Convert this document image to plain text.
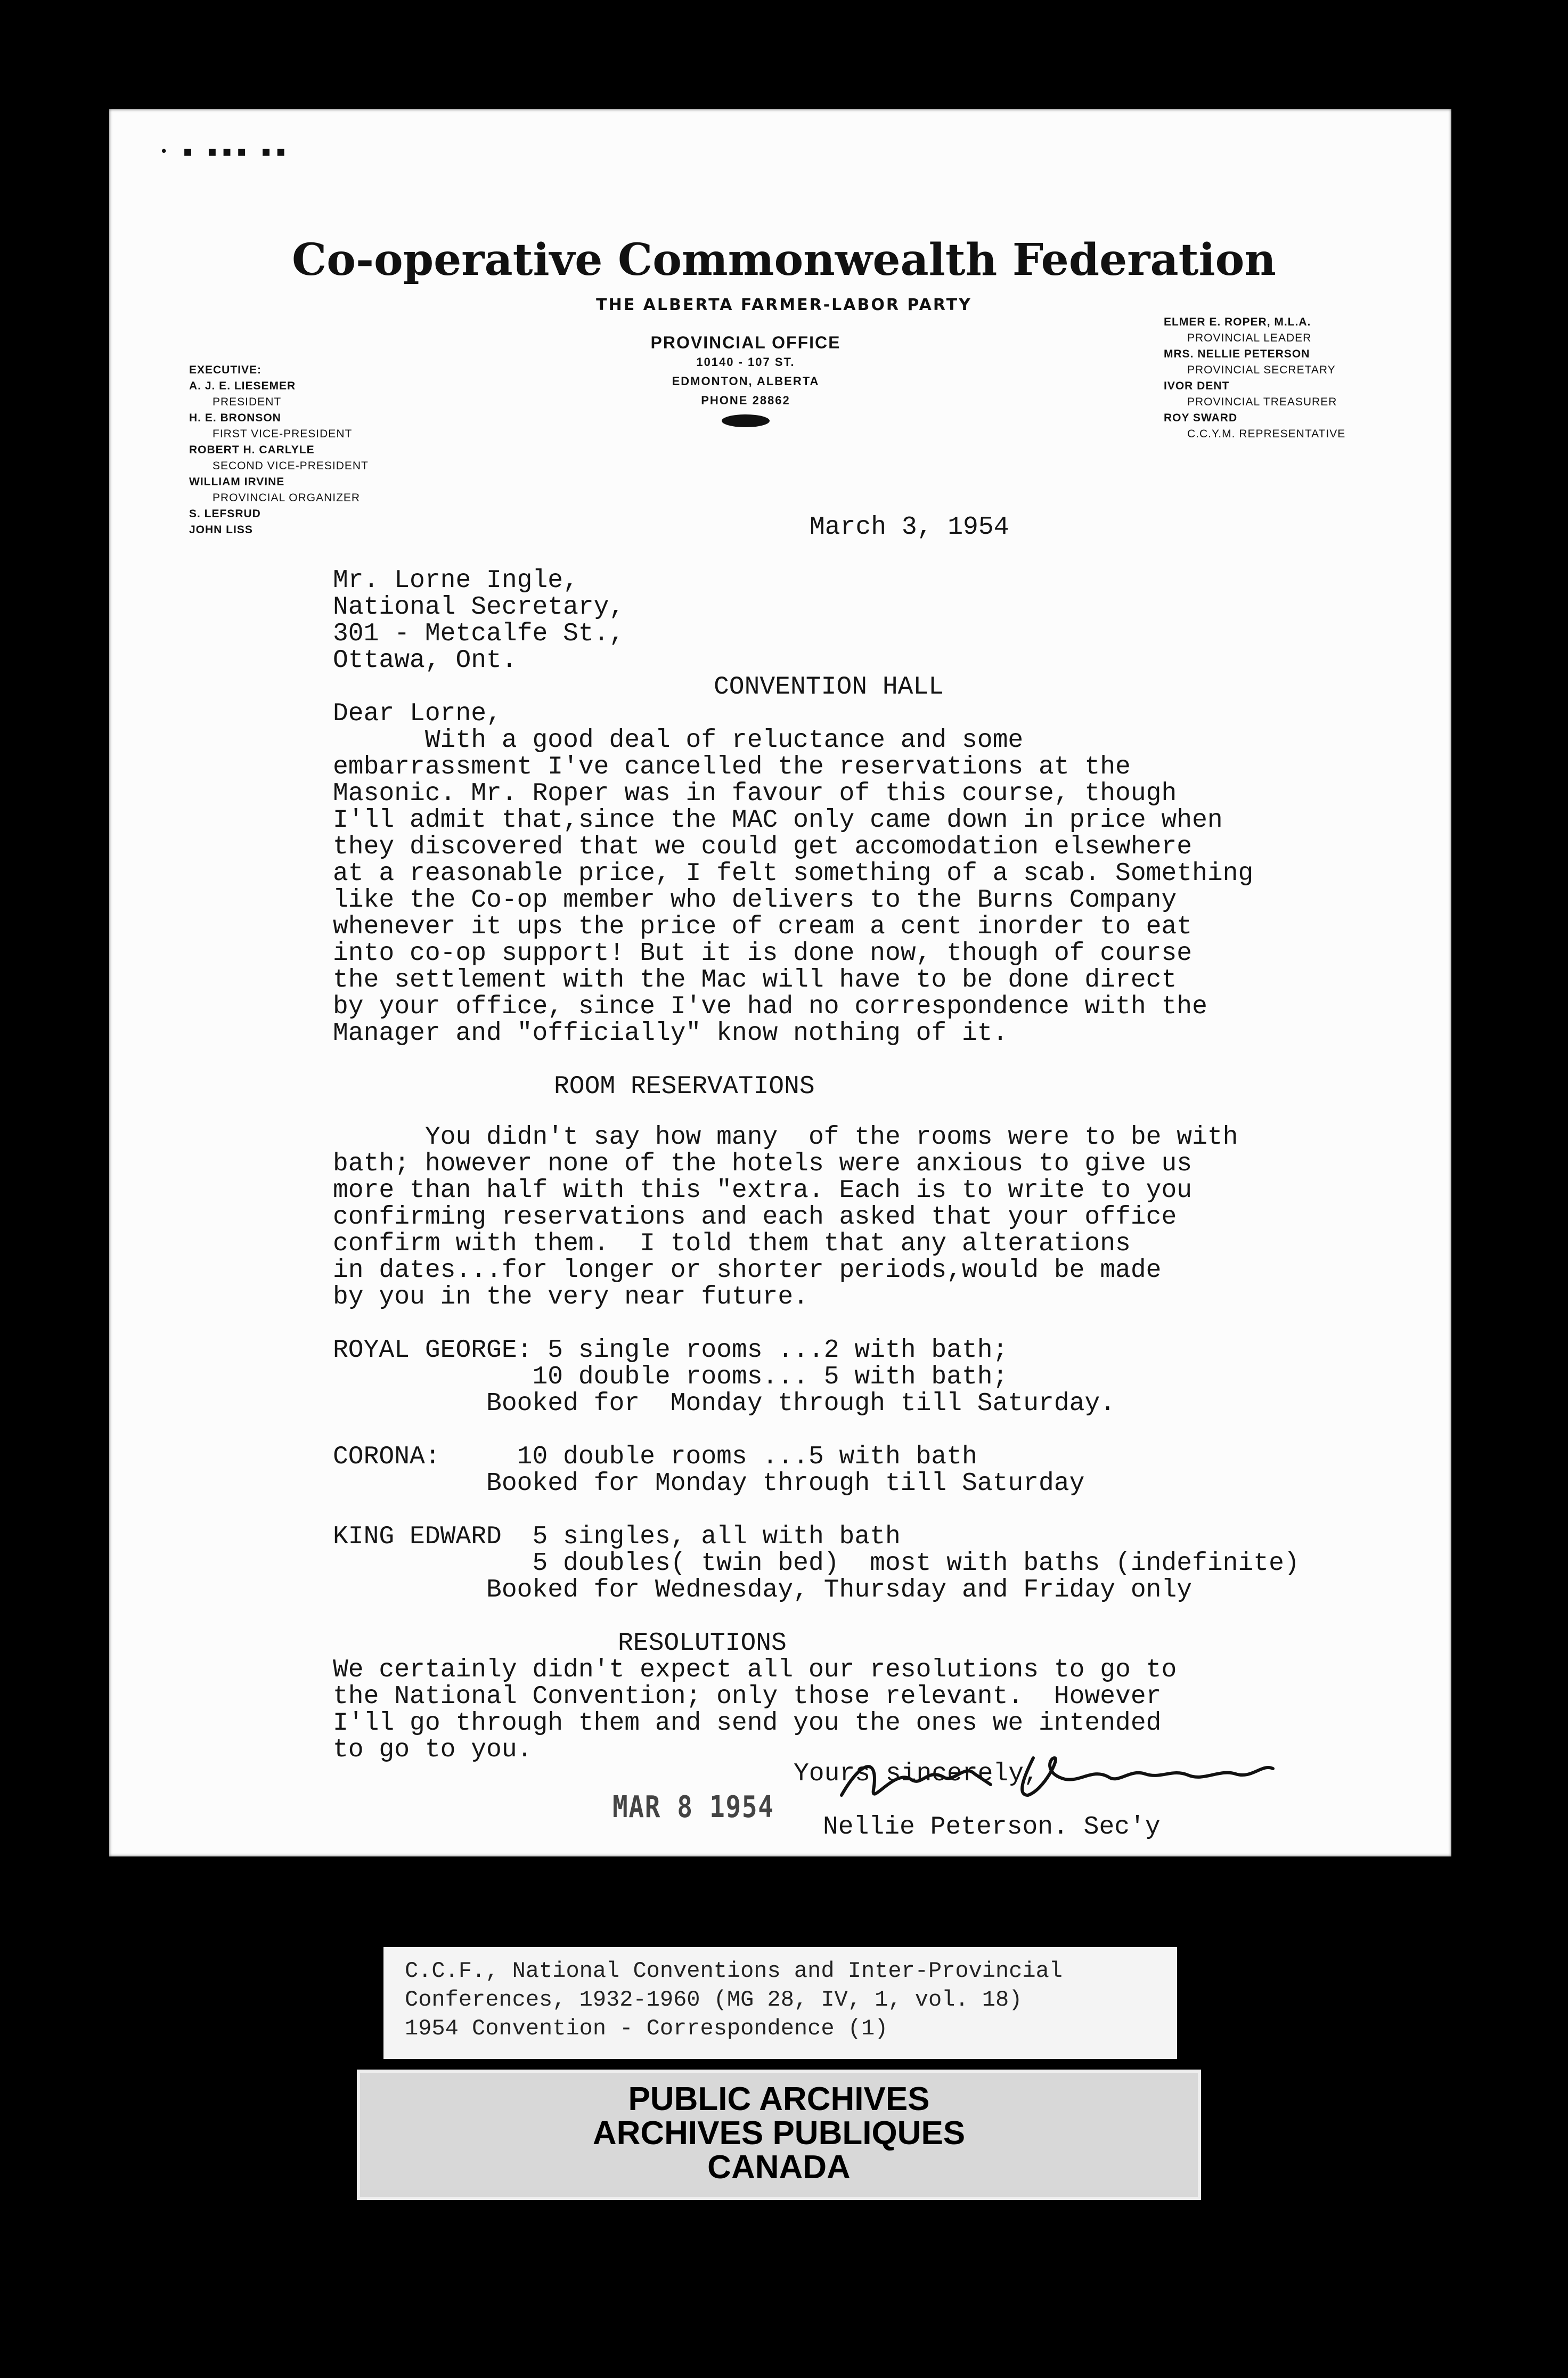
• ▪ ▪▪▪ ▪▪
Co-operative Commonwealth Federation
THE ALBERTA FARMER-LABOR PARTY
PROVINCIAL OFFICE
10140 - 107 ST.
EDMONTON, ALBERTA
PHONE 28862
EXECUTIVE:
A. J. E. LIESEMER
PRESIDENT
H. E. BRONSON
FIRST VICE-PRESIDENT
ROBERT H. CARLYLE
SECOND VICE-PRESIDENT
WILLIAM IRVINE
PROVINCIAL ORGANIZER
S. LEFSRUD
JOHN LISS
ELMER E. ROPER, M.L.A.
PROVINCIAL LEADER
MRS. NELLIE PETERSON
PROVINCIAL SECRETARY
IVOR DENT
PROVINCIAL TREASURER
ROY SWARD
C.C.Y.M. REPRESENTATIVE
March 3, 1954
Mr. Lorne Ingle,
National Secretary,
301 - Metcalfe St.,
Ottawa, Ont.
CONVENTION HALL
Dear Lorne,
With a good deal of reluctance and some
embarrassment I've cancelled the reservations at the
Masonic. Mr. Roper was in favour of this course, though
I'll admit that,since the MAC only came down in price when
they discovered that we could get accomodation elsewhere
at a reasonable price, I felt something of a scab. Something
like the Co-op member who delivers to the Burns Company
whenever it ups the price of cream a cent inorder to eat
into co-op support! But it is done now, though of course
the settlement with the Mac will have to be done direct
by your office, since I've had no correspondence with the
Manager and "officially" know nothing of it.
ROOM RESERVATIONS
You didn't say how many  of the rooms were to be with
bath; however none of the hotels were anxious to give us
more than half with this "extra. Each is to write to you
confirming reservations and each asked that your office
confirm with them.  I told them that any alterations
in dates...for longer or shorter periods,would be made
by you in the very near future.
ROYAL GEORGE: 5 single rooms ...2 with bath;
10 double rooms... 5 with bath;
Booked for  Monday through till Saturday.

CORONA:     10 double rooms ...5 with bath
Booked for Monday through till Saturday

KING EDWARD  5 singles, all with bath
5 doubles( twin bed)  most with baths (indefinite)
Booked for Wednesday, Thursday and Friday only
RESOLUTIONS
We certainly didn't expect all our resolutions to go to
the National Convention; only those relevant.  However
I'll go through them and send you the ones we intended
to go to you.
Yours sincerely,
Nellie Peterson. Sec'y
MAR 8 1954
C.C.F., National Conventions and Inter-Provincial
Conferences, 1932-1960 (MG 28, IV, 1, vol. 18)
1954 Convention - Correspondence (1)
PUBLIC ARCHIVES
ARCHIVES PUBLIQUES
CANADA
